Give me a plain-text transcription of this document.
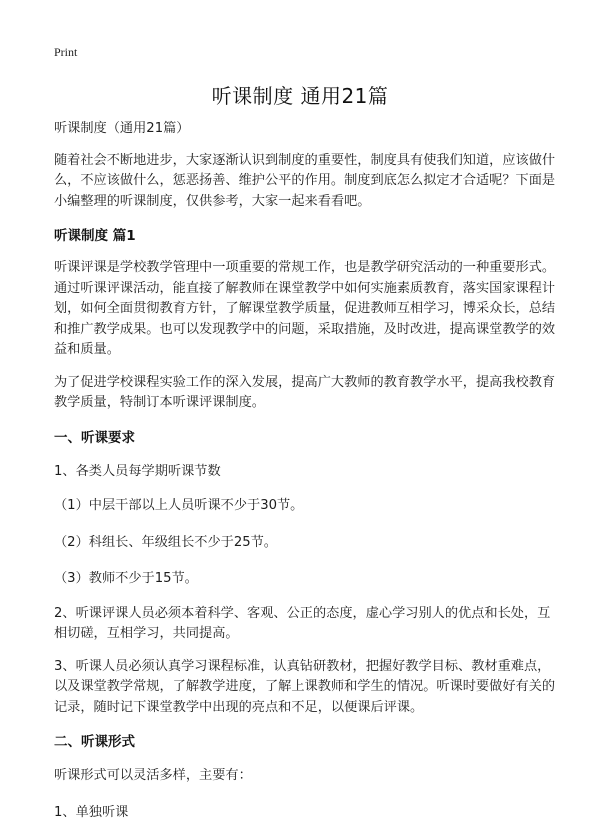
Print
听课制度 通用21篇

听课制度（通用21篇）

随着社会不断地进步，大家逐渐认识到制度的重要性，制度具有使我们知道，应该做什么，不应该做什么，惩恶扬善、维护公平的作用。制度到底怎么拟定才合适呢？下面是小编整理的听课制度，仅供参考，大家一起来看看吧。

听课制度 篇1

听课评课是学校教学管理中一项重要的常规工作，也是教学研究活动的一种重要形式。通过听课评课活动，能直接了解教师在课堂教学中如何实施素质教育，落实国家课程计划，如何全面贯彻教育方针，了解课堂教学质量，促进教师互相学习，博采众长，总结和推广教学成果。也可以发现教学中的问题，采取措施，及时改进，提高课堂教学的效益和质量。

为了促进学校课程实验工作的深入发展，提高广大教师的教育教学水平，提高我校教育教学质量，特制订本听课评课制度。

一、听课要求

1、各类人员每学期听课节数

（1）中层干部以上人员听课不少于30节。

（2）科组长、年级组长不少于25节。

（3）教师不少于15节。

2、听课评课人员必须本着科学、客观、公正的态度，虚心学习别人的优点和长处，互相切磋，互相学习，共同提高。

3、听课人员必须认真学习课程标准，认真钻研教材，把握好教学目标、教材重难点，以及课堂教学常规，了解教学进度，了解上课教师和学生的情况。听课时要做好有关的记录，随时记下课堂教学中出现的亮点和不足，以便课后评课。

二、听课形式

听课形式可以灵活多样，主要有：

1、单独听课
